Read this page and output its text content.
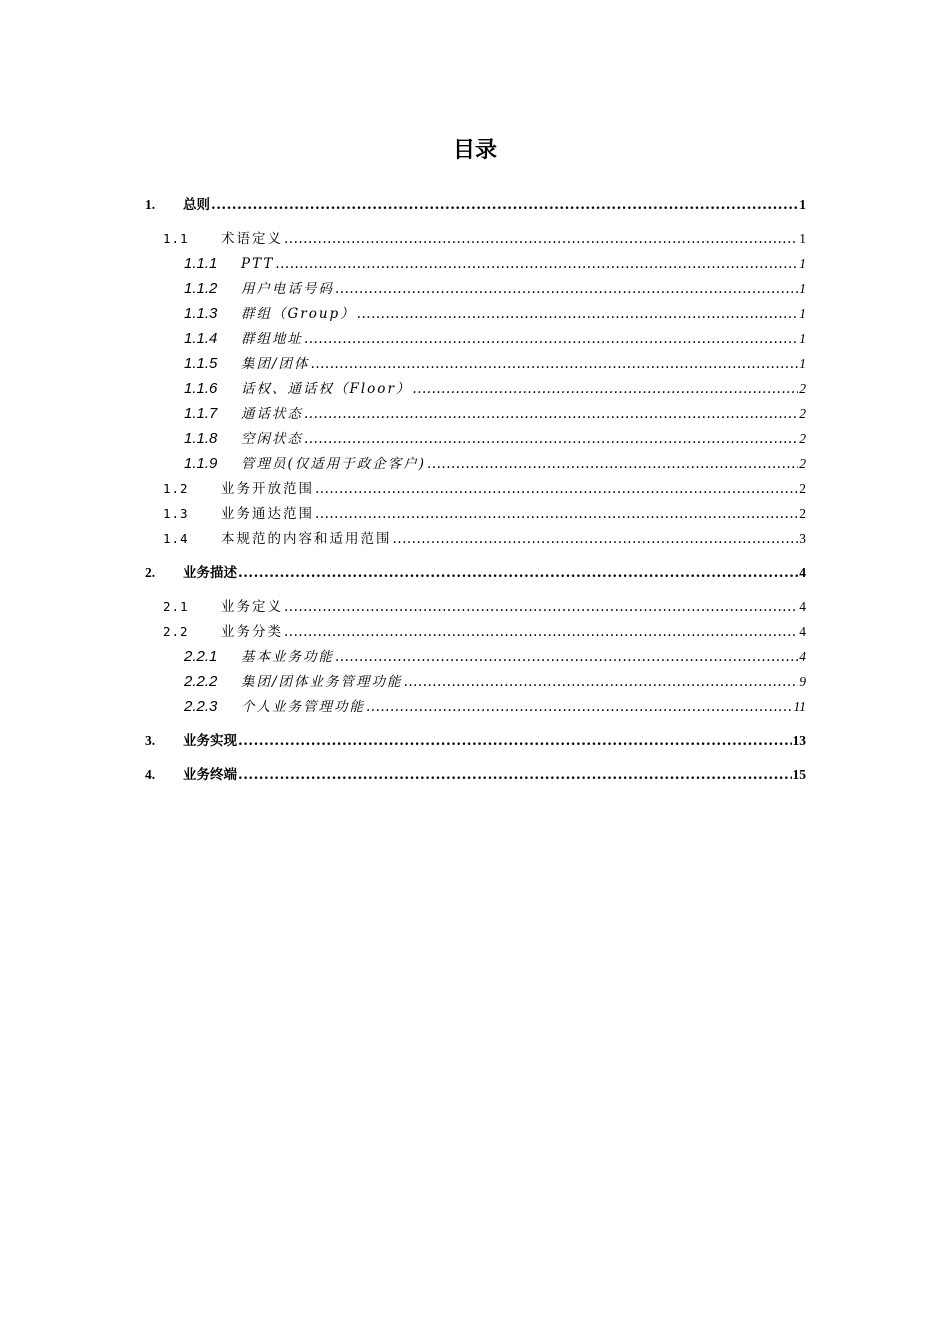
目录
1.	总则 .....	1
1.1	术语定义 .....	1
1.1.1	PTT .....	1
1.1.2	用户电话号码 .....	1
1.1.3	群组（Group） .....	1
1.1.4	群组地址 .....	1
1.1.5	集团/团体 .....	1
1.1.6	话权、通话权（Floor） .....	2
1.1.7	通话状态 .....	2
1.1.8	空闲状态 .....	2
1.1.9	管理员(仅适用于政企客户) .....	2
1.2	业务开放范围 .....	2
1.3	业务通达范围 .....	2
1.4	本规范的内容和适用范围 .....	3
2.	业务描述 .....	4
2.1	业务定义 .....	4
2.2	业务分类 .....	4
2.2.1	基本业务功能 .....	4
2.2.2	集团/团体业务管理功能 .....	9
2.2.3	个人业务管理功能 .....	11
3.	业务实现 .....	13
4.	业务终端 .....	15
